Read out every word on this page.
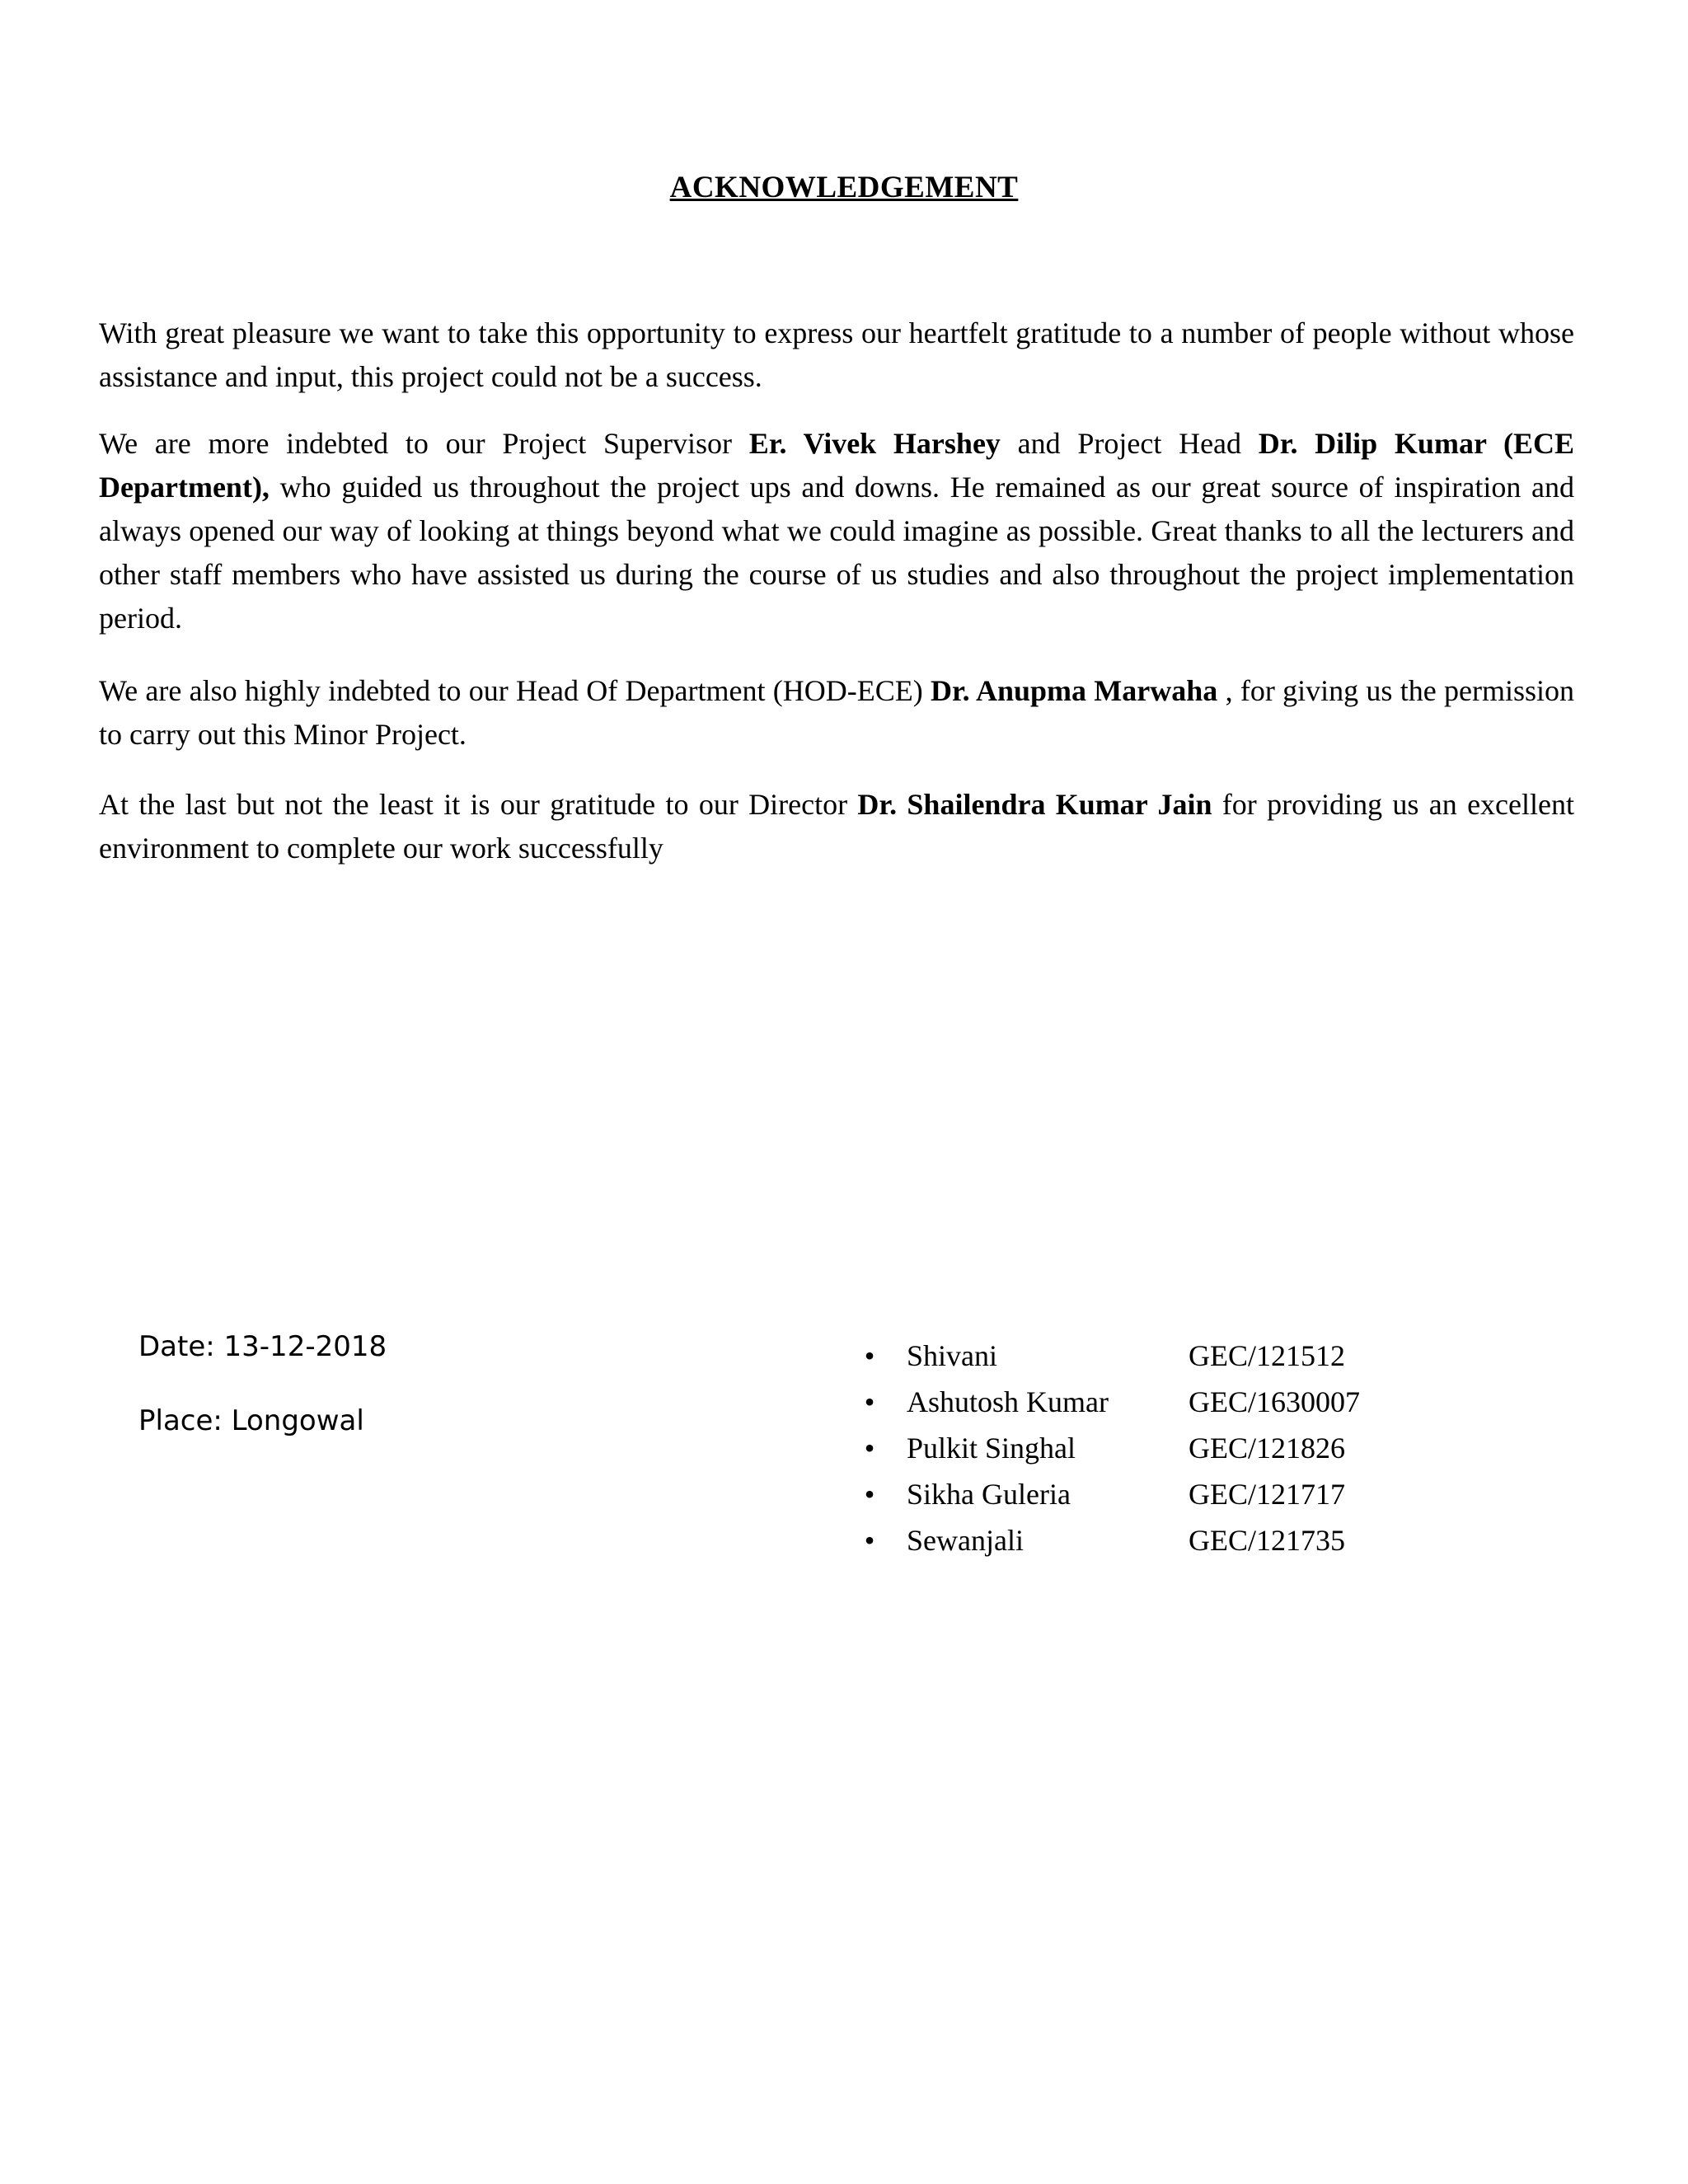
ACKNOWLEDGEMENT

With great pleasure we want to take this opportunity to express our heartfelt gratitude to a number of people without whose assistance and input, this project could not be a success.

We are more indebted to our Project Supervisor Er. Vivek Harshey and Project Head Dr. Dilip Kumar (ECE Department), who guided us throughout the project ups and downs. He remained as our great source of inspiration and always opened our way of looking at things beyond what we could imagine as possible. Great thanks to all the lecturers and other staff members who have assisted us during the course of us studies and also throughout the project implementation period.

We are also highly indebted to our Head Of Department (HOD-ECE) Dr. Anupma Marwaha , for giving us the permission to carry out this Minor Project.

At the last but not the least it is our gratitude to our Director Dr. Shailendra Kumar Jain for providing us an excellent environment to complete our work successfully

Date: 13-12-2018
Place: Longowal
• Shivani	GEC/121512
• Ashutosh Kumar	GEC/1630007
• Pulkit Singhal	GEC/121826
• Sikha Guleria	GEC/121717
• Sewanjali	GEC/121735
